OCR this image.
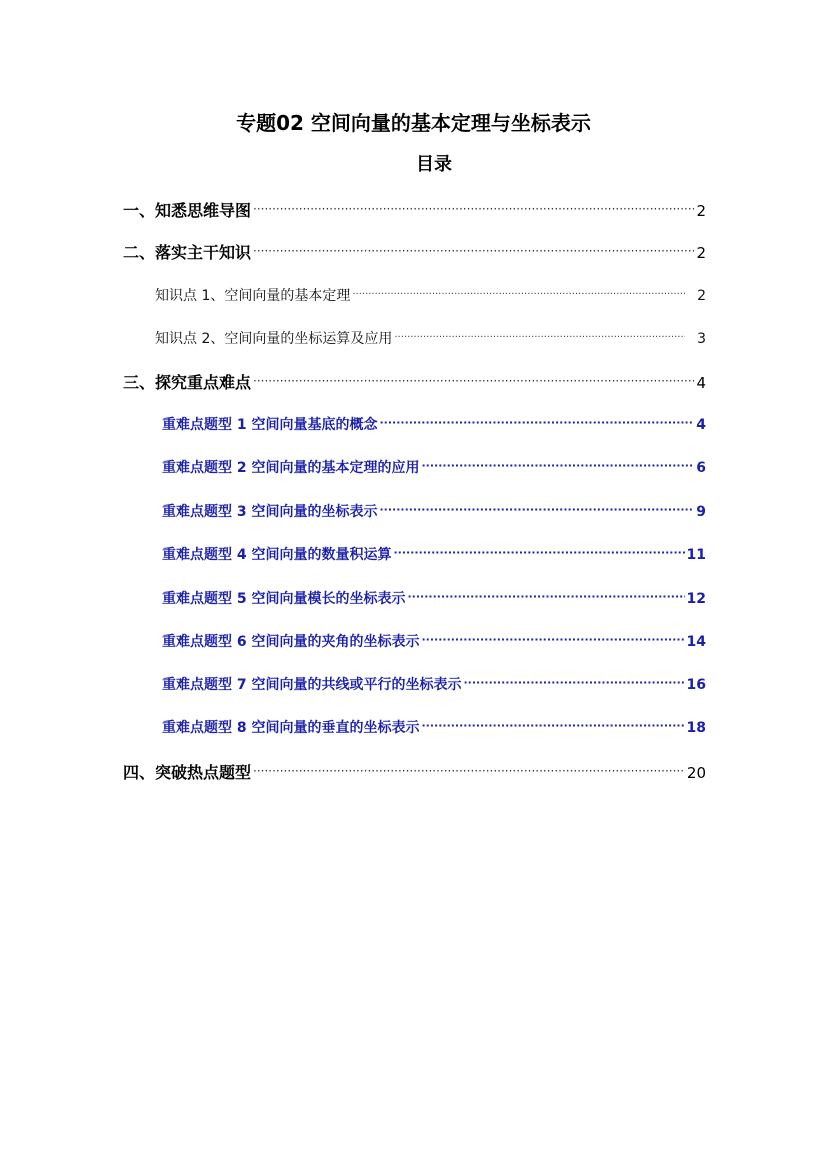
专题02 空间向量的基本定理与坐标表示
目录
一、知悉思维导图 ·····	2
二、落实主干知识 ·····	2
知识点 1、空间向量的基本定理 ·····	2
知识点 2、空间向量的坐标运算及应用 ·····	3
三、探究重点难点 ·····	4
重难点题型 1 空间向量基底的概念 ·····	4
重难点题型 2 空间向量的基本定理的应用 ·····	6
重难点题型 3 空间向量的坐标表示 ·····	9
重难点题型 4 空间向量的数量积运算 ·····	11
重难点题型 5 空间向量模长的坐标表示 ·····	12
重难点题型 6 空间向量的夹角的坐标表示 ·····	14
重难点题型 7 空间向量的共线或平行的坐标表示 ·····	16
重难点题型 8 空间向量的垂直的坐标表示 ·····	18
四、突破热点题型 ·····	20
